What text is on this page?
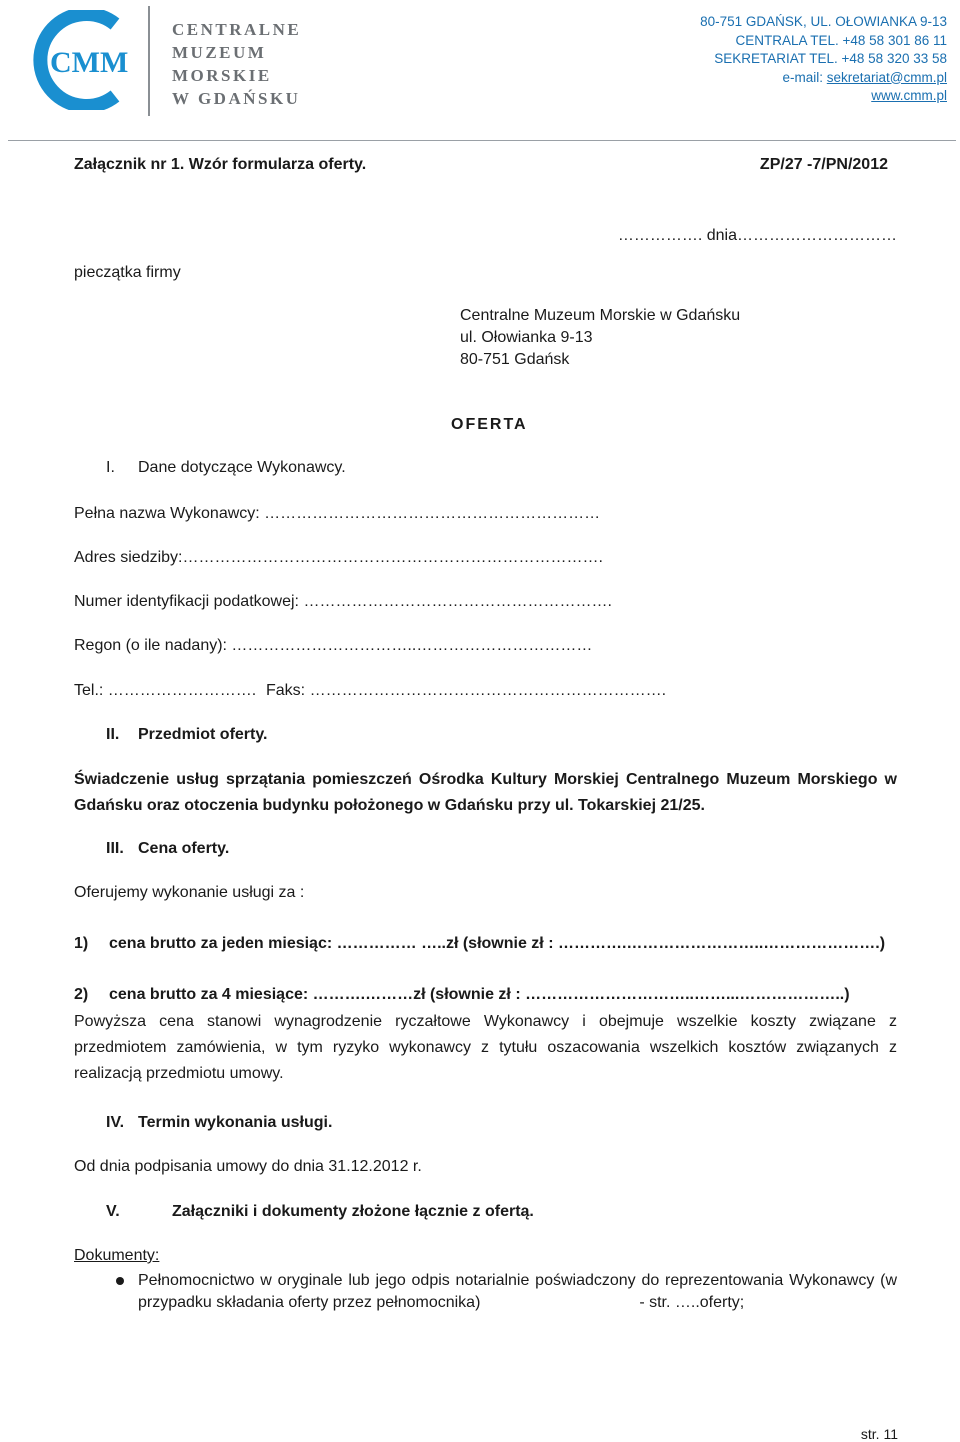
CMM
CENTRALNE
MUZEUM
MORSKIE
W GDAŃSKU
80-751 GDAŃSK, UL. OŁOWIANKA 9-13
CENTRALA TEL. +48 58 301 86 11
SEKRETARIAT TEL. +48 58 320 33 58
e-mail: sekretariat@cmm.pl
www.cmm.pl
Załącznik nr 1. Wzór formularza oferty.	ZP/27 -7/PN/2012
……………. dnia…………………………
pieczątka firmy
Centralne Muzeum Morskie w Gdańsku
ul. Ołowianka 9-13
80-751 Gdańsk
OFERTA
I. Dane dotyczące Wykonawcy.
Pełna nazwa Wykonawcy: ………………………………………………………
Adres siedziby:…………………………………………………………………….
Numer identyfikacji podatkowej: ………………………………………………….
Regon (o ile nadany): ……………………………..……………………………
Tel.: ………………………. Faks: ………………………………………………………….
II. Przedmiot oferty.
Świadczenie usług sprzątania pomieszczeń Ośrodka Kultury Morskiej Centralnego Muzeum Morskiego w Gdańsku oraz otoczenia budynku położonego w Gdańsku przy ul. Tokarskiej 21/25.
III. Cena oferty.
Oferujemy wykonanie usługi za :
1) cena brutto za jeden miesiąc: …………… …..zł (słownie zł : ………….……………………..………………….)
2) cena brutto za 4 miesiące: ……….………zł (słownie zł : …………………………..……...………………..)
Powyższa cena stanowi wynagrodzenie ryczałtowe Wykonawcy i obejmuje wszelkie koszty związane z przedmiotem zamówienia, w tym ryzyko wykonawcy z tytułu oszacowania wszelkich kosztów związanych z realizacją przedmiotu umowy.
IV. Termin wykonania usługi.
Od dnia podpisania umowy do dnia 31.12.2012 r.
V.	Załączniki i dokumenty złożone łącznie z ofertą.
Dokumenty:
Pełnomocnictwo w oryginale lub jego odpis notarialnie poświadczony do reprezentowania Wykonawcy (w przypadku składania oferty przez pełnomocnika)	- str. …..oferty;
str. 11
